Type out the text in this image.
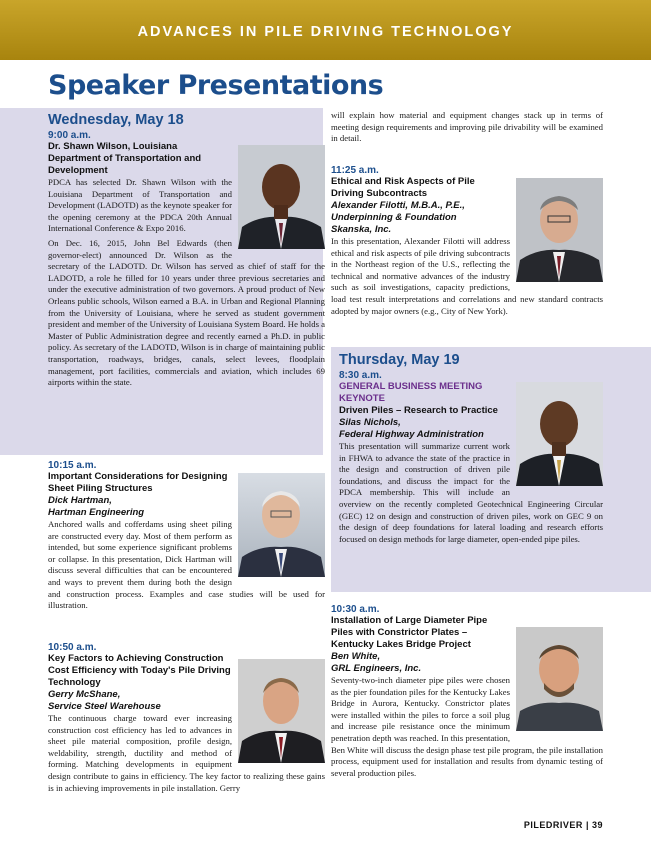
ADVANCES IN PILE DRIVING TECHNOLOGY
Speaker Presentations
Wednesday, May 18
9:00 a.m.
Dr. Shawn Wilson, Louisiana Department of Transportation and Development

PDCA has selected Dr. Shawn Wilson with the Louisiana Department of Transportation and Development (LADOTD) as the keynote speaker for the opening ceremony at the PDCA 20th Annual International Conference & Expo 2016.

On Dec. 16, 2015, John Bel Edwards (then governor-elect) announced Dr. Wilson as the secretary of the LADOTD. Dr. Wilson has served as chief of staff for the LADOTD, a role he filled for 10 years under three previous secretaries and under the executive administration of two governors. A proud product of New Orleans public schools, Wilson earned a B.A. in Urban and Regional Planning from the University of Louisiana, where he served as student government president and member of the University of Louisiana System Board. He holds a Master of Public Administration degree and recently earned a Ph.D. in public policy. As secretary of the LADOTD, Wilson is in charge of maintaining public transportation, roadways, bridges, canals, select levees, floodplain management, port facilities, commercials and aviation, which includes 69 airports within the state.

10:15 a.m.
Important Considerations for Designing Sheet Piling Structures
Dick Hartman,
Hartman Engineering

Anchored walls and cofferdams using sheet piling are constructed every day. Most of them perform as intended, but some experience significant problems or collapse. In this presentation, Dick Hartman will discuss several difficulties that can be encountered and ways to prevent them during both the design and construction process. Examples and case studies will be used for illustration.

10:50 a.m.
Key Factors to Achieving Construction Cost Efficiency with Today's Pile Driving Technology
Gerry McShane,
Service Steel Warehouse

The continuous charge toward ever increasing construction cost efficiency has led to advances in sheet pile material composition, profile design, weldability, strength, ductility and method of forming. Matching developments in equipment design contribute to gains in efficiency. The key factor to realizing these gains is in achieving improvements in pile installation. Gerry

will explain how material and equipment changes stack up in terms of meeting design requirements and improving pile drivability will be examined in detail.

11:25 a.m.
Ethical and Risk Aspects of Pile Driving Subcontracts
Alexander Filotti, M.B.A., P.E.,
Underpinning & Foundation
Skanska, Inc.

In this presentation, Alexander Filotti will address ethical and risk aspects of pile driving subcontracts in the Northeast region of the U.S., reflecting the technical and normative advances of the industry such as soil investigations, capacity predictions, load test result interpretations and correlations and new standard contracts adopted by major owners (e.g., City of New York).

Thursday, May 19
8:30 a.m.
GENERAL BUSINESS MEETING KEYNOTE
Driven Piles – Research to Practice
Silas Nichols,
Federal Highway Administration

This presentation will summarize current work in FHWA to advance the state of the practice in the design and construction of driven pile foundations, and discuss the impact for the PDCA membership. This will include an overview on the recently completed Geotechnical Engineering Circular (GEC) 12 on design and construction of driven piles, work on GEC 9 on the design of deep foundations for lateral loading and research efforts focused on design methods for large diameter, open-ended pipe piles.

10:30 a.m.
Installation of Large Diameter Pipe Piles with Constrictor Plates – Kentucky Lakes Bridge Project
Ben White,
GRL Engineers, Inc.

Seventy-two-inch diameter pipe piles were chosen as the pier foundation piles for the Kentucky Lakes Bridge in Aurora, Kentucky. Constrictor plates were installed within the piles to force a soil plug and increase pile resistance once the minimum penetration depth was reached. In this presentation, Ben White will discuss the design phase test pile program, the pile installation process, equipment used for installation and results from dynamic testing of several production piles.

PILEDRIVER | 39
